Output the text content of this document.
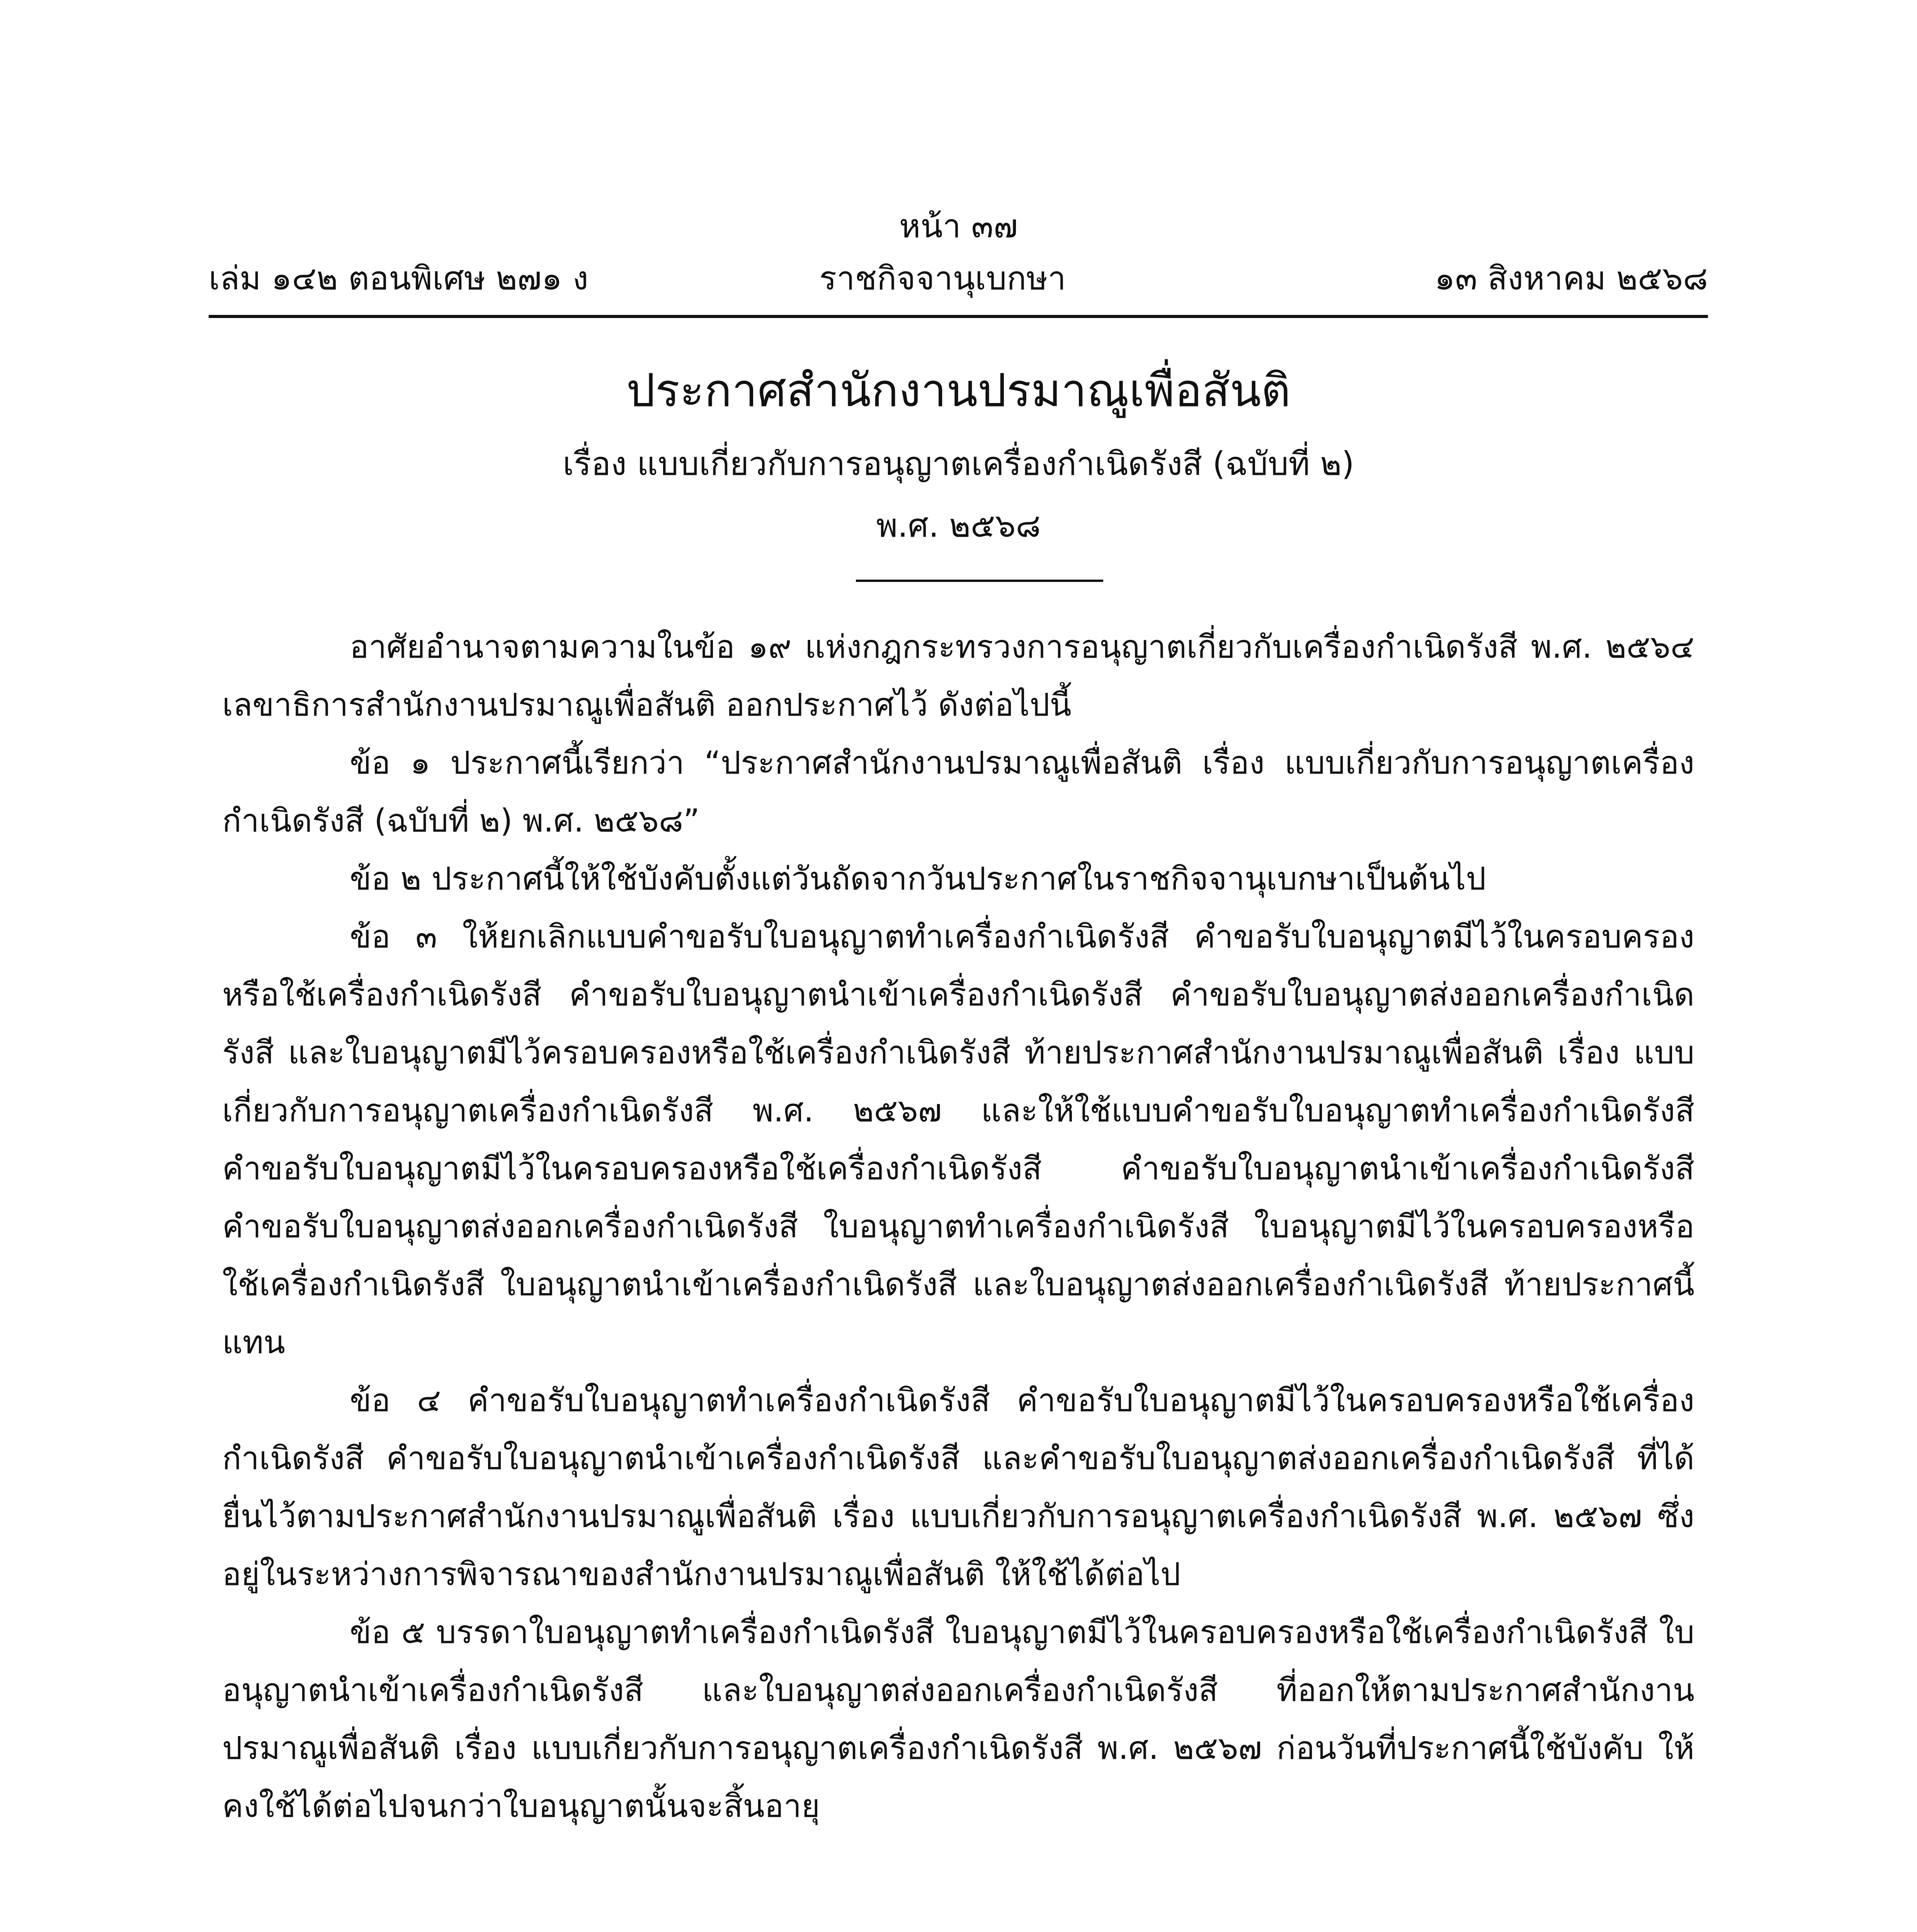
หน้า ๓๗
เล่ม ๑๔๒ ตอนพิเศษ ๒๗๑ ง	ราชกิจจานุเบกษา	๑๓ สิงหาคม ๒๕๖๘
ประกาศสำนักงานปรมาณูเพื่อสันติ
เรื่อง แบบเกี่ยวกับการอนุญาตเครื่องกำเนิดรังสี (ฉบับที่ ๒)
พ.ศ. ๒๕๖๘

อาศัยอำนาจตามความในข้อ ๑๙ แห่งกฎกระทรวงการอนุญาตเกี่ยวกับเครื่องกำเนิดรังสี พ.ศ. ๒๕๖๔ เลขาธิการสำนักงานปรมาณูเพื่อสันติ ออกประกาศไว้ ดังต่อไปนี้

ข้อ ๑ ประกาศนี้เรียกว่า “ประกาศสำนักงานปรมาณูเพื่อสันติ เรื่อง แบบเกี่ยวกับการอนุญาตเครื่องกำเนิดรังสี (ฉบับที่ ๒) พ.ศ. ๒๕๖๘”

ข้อ ๒ ประกาศนี้ให้ใช้บังคับตั้งแต่วันถัดจากวันประกาศในราชกิจจานุเบกษาเป็นต้นไป

ข้อ ๓ ให้ยกเลิกแบบคำขอรับใบอนุญาตทำเครื่องกำเนิดรังสี คำขอรับใบอนุญาตมีไว้ในครอบครองหรือใช้เครื่องกำเนิดรังสี คำขอรับใบอนุญาตนำเข้าเครื่องกำเนิดรังสี คำขอรับใบอนุญาตส่งออกเครื่องกำเนิดรังสี และใบอนุญาตมีไว้ครอบครองหรือใช้เครื่องกำเนิดรังสี ท้ายประกาศสำนักงานปรมาณูเพื่อสันติ เรื่อง แบบเกี่ยวกับการอนุญาตเครื่องกำเนิดรังสี พ.ศ. ๒๕๖๗ และให้ใช้แบบคำขอรับใบอนุญาตทำเครื่องกำเนิดรังสี คำขอรับใบอนุญาตมีไว้ในครอบครองหรือใช้เครื่องกำเนิดรังสี คำขอรับใบอนุญาตนำเข้าเครื่องกำเนิดรังสี คำขอรับใบอนุญาตส่งออกเครื่องกำเนิดรังสี ใบอนุญาตทำเครื่องกำเนิดรังสี ใบอนุญาตมีไว้ในครอบครองหรือใช้เครื่องกำเนิดรังสี ใบอนุญาตนำเข้าเครื่องกำเนิดรังสี และใบอนุญาตส่งออกเครื่องกำเนิดรังสี ท้ายประกาศนี้แทน

ข้อ ๔ คำขอรับใบอนุญาตทำเครื่องกำเนิดรังสี คำขอรับใบอนุญาตมีไว้ในครอบครองหรือใช้เครื่องกำเนิดรังสี คำขอรับใบอนุญาตนำเข้าเครื่องกำเนิดรังสี และคำขอรับใบอนุญาตส่งออกเครื่องกำเนิดรังสี ที่ได้ยื่นไว้ตามประกาศสำนักงานปรมาณูเพื่อสันติ เรื่อง แบบเกี่ยวกับการอนุญาตเครื่องกำเนิดรังสี พ.ศ. ๒๕๖๗ ซึ่งอยู่ในระหว่างการพิจารณาของสำนักงานปรมาณูเพื่อสันติ ให้ใช้ได้ต่อไป

ข้อ ๕ บรรดาใบอนุญาตทำเครื่องกำเนิดรังสี ใบอนุญาตมีไว้ในครอบครองหรือใช้เครื่องกำเนิดรังสี ใบอนุญาตนำเข้าเครื่องกำเนิดรังสี และใบอนุญาตส่งออกเครื่องกำเนิดรังสี ที่ออกให้ตามประกาศสำนักงานปรมาณูเพื่อสันติ เรื่อง แบบเกี่ยวกับการอนุญาตเครื่องกำเนิดรังสี พ.ศ. ๒๕๖๗ ก่อนวันที่ประกาศนี้ใช้บังคับ ให้คงใช้ได้ต่อไปจนกว่าใบอนุญาตนั้นจะสิ้นอายุ
